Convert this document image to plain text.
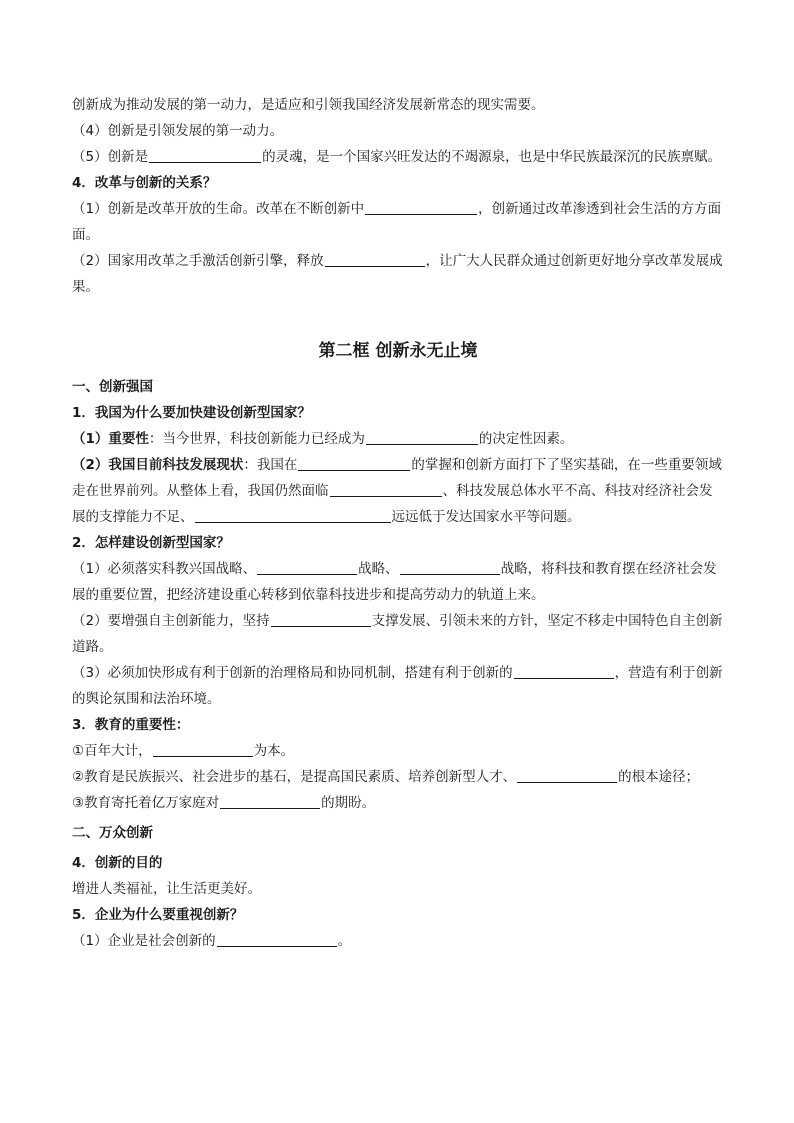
创新成为推动发展的第一动力，是适应和引领我国经济发展新常态的现实需要。

（4）创新是引领发展的第一动力。

（5）创新是	的灵魂，是一个国家兴旺发达的不竭源泉，也是中华民族最深沉的民族禀赋。

4．改革与创新的关系？

（1）创新是改革开放的生命。改革在不断创新中	，创新通过改革渗透到社会生活的方方面面。

（2）国家用改革之手激活创新引擎，释放	，让广大人民群众通过创新更好地分享改革发展成果。

第二框 创新永无止境

一、创新强国

1．我国为什么要加快建设创新型国家？

（1）重要性：当今世界，科技创新能力已经成为	的决定性因素。

（2）我国目前科技发展现状：我国在	的掌握和创新方面打下了坚实基础，在一些重要领域走在世界前列。从整体上看，我国仍然面临	、科技发展总体水平不高、科技对经济社会发展的支撑能力不足、	远远低于发达国家水平等问题。

2．怎样建设创新型国家？

（1）必须落实科教兴国战略、	战略、	战略，将科技和教育摆在经济社会发展的重要位置，把经济建设重心转移到依靠科技进步和提高劳动力的轨道上来。

（2）要增强自主创新能力，坚持	支撑发展、引领未来的方针，坚定不移走中国特色自主创新道路。

（3）必须加快形成有利于创新的治理格局和协同机制，搭建有利于创新的	，营造有利于创新的舆论氛围和法治环境。

3．教育的重要性：

①百年大计，	为本。

②教育是民族振兴、社会进步的基石，是提高国民素质、培养创新型人才、	的根本途径；

③教育寄托着亿万家庭对	的期盼。

二、万众创新

4．创新的目的

增进人类福祉，让生活更美好。

5．企业为什么要重视创新？

（1）企业是社会创新的	。
